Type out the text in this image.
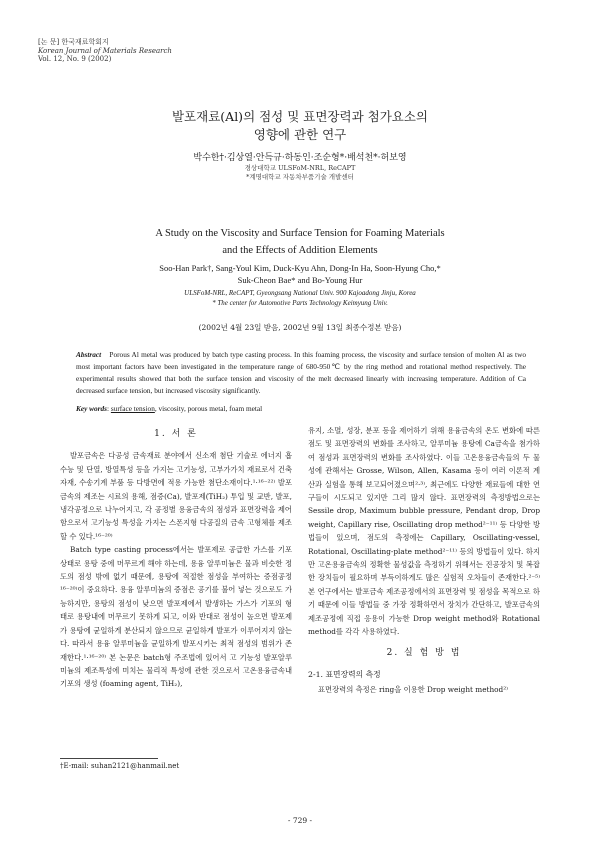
[논 문] 한국재료학회지
Korean Journal of Materials Research
Vol. 12, No. 9 (2002)
발포재료(Al)의 점성 및 표면장력과 첨가요소의
영향에 관한 연구
박수한†·김상열·안득규·하동인·조순형*·배석천*·허보영
경상대학교 ULSFoM-NRL, ReCAPT
*계명대학교 자동차부품기술 개발센터
A Study on the Viscosity and Surface Tension for Foaming Materials
and the Effects of Addition Elements
Soo-Han Park†, Sang-Youl Kim, Duck-Kyu Ahn, Dong-In Ha, Soon-Hyung Cho,*
Suk-Cheon Bae* and Bo-Young Hur
ULSFoM-NRL, ReCAPT, Gyeongsang National Univ. 900 Kajoadong Jinju, Korea
* The center for Automotive Parts Technology Keimyung Univ.
(2002년 4월 23일 받음, 2002년 9월 13일 최종수정본 받음)
Abstract Porous Al metal was produced by batch type casting process. In this foaming process, the viscosity and surface tension of molten Al as two most important factors have been investigated in the temperature range of 680-950℃ by the ring method and rotational method respectively. The experimental results showed that both the surface tension and viscosity of the melt decreased linearly with increasing temperature. Addition of Ca decreased surface tension, but increased viscosity significantly.
Key words: surface tension, viscosity, porous metal, foam metal
1. 서 론

발포금속은 다공성 금속재료 분야에서 신소재 첨단 기술로 에너지 흡수능 및 단열, 방열특성 등을 가지는 고기능성, 고부가가치 재료로서 건축자재, 수송기계 부품 등 다방면에 적용 가능한 첨단소재이다.¹·¹⁶⁻²²⁾ 발포금속의 제조는 시료의 용해, 점증(Ca), 발포제(TiH₂) 투입 및 교반, 발포, 냉각공정으로 나누어지고, 각 공정별 용융금속의 점성과 표면장력을 제어함으로서 고기능성 특성을 가지는 스폰지형 다공질의 금속 고형체를 제조할 수 있다.¹⁶⁻²⁰⁾

Batch type casting process에서는 발포제로 공급한 가스를 기포 상태로 용탕 중에 머무르게 해야 하는데, 용융 알루미늄은 물과 비슷한 정도의 점성 밖에 없기 때문에, 용탕에 적절한 점성을 부여하는 증점공정¹⁶⁻²⁰⁾이 중요하다. 용융 알루미늄의 증점은 공기를 불어 넣는 것으로도 가능하지만, 용탕의 점성이 낮으면 발포제에서 발생하는 가스가 기포의 형태로 용탕내에 머무르기 못하게 되고, 이와 반대로 점성이 높으면 발포제가 용탕에 균일하게 분산되지 않으므로 균일하게 발포가 이루어지지 않는다. 따라서 용융 알루미늄을 균일하게 발포시키는 최적 점성의 범위가 존재한다.¹·¹⁶⁻²⁰⁾ 본 논문은 batch형 주조법에 있어서 고 기능성 발포알루미늄의 제조특성에 미치는 물리적 특성에 관한 것으로서 고온용융금속내 기포의 생성 (foaming agent, TiH₂),

유지, 소멸, 성장, 분포 등을 제어하기 위해 용융금속의 온도 변화에 따른 점도 및 표면장력의 변화를 조사하고, 알루미늄 용탕에 Ca금속을 첨가하여 점성과 표면장력의 변화를 조사하였다. 이들 고온용융금속들의 두 물성에 관해서는 Grosse, Wilson, Allen, Kasama 등이 여러 이론적 계산과 실험을 통해 보고되어졌으며²·³⁾, 최근에도 다양한 재료들에 대한 연구들이 시도되고 있지만 그리 많지 않다. 표면장력의 측정방법으로는 Sessile drop, Maximum bubble pressure, Pendant drop, Drop weight, Capillary rise, Oscillating drop method²⁻¹¹⁾ 등 다양한 방법들이 있으며, 점도의 측정에는 Capillary, Oscillating-vessel, Rotational, Oscillating-plate method²⁻¹¹⁾ 등의 방법들이 있다. 하지만 고온용융금속의 정확한 물성값을 측정하기 위해서는 진공장치 및 복잡한 장치들이 필요하며 부득이하게도 많은 실험적 오차들이 존재한다.²⁻⁵⁾ 본 연구에서는 발포금속 제조공정에서의 표면장력 및 점성을 목적으로 하기 때문에 이들 방법들 중 가장 정확하면서 장치가 간단하고, 발포금속의 제조공정에 직접 응용이 가능한 Drop weight method와 Rotational method를 각각 사용하였다.

2. 실 험 방 법
2-1. 표면장력의 측정

표면장력의 측정은 ring을 이용한 Drop weight method²⁾

†E-mail: suhan2121@hanmail.net
- 729 -
